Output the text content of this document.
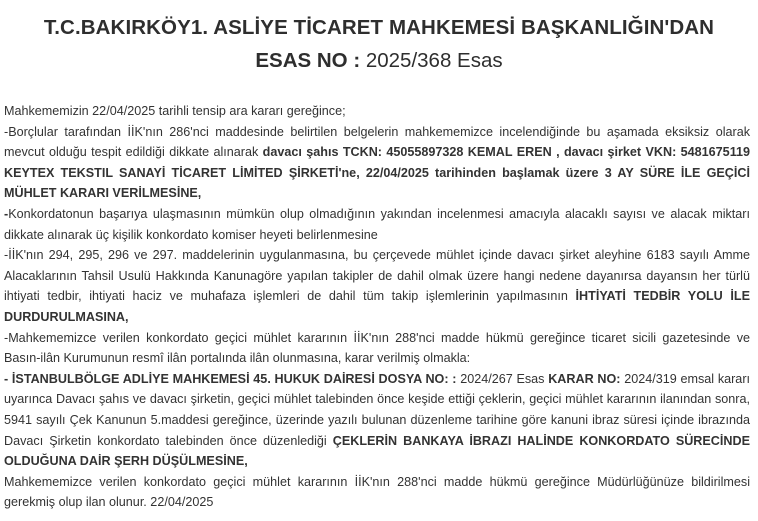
T.C.BAKIRKÖY1. ASLİYE TİCARET MAHKEMESİ BAŞKANLIĞIN'DAN
ESAS NO : 2025/368 Esas

Mahkememizin 22/04/2025 tarihli tensip ara kararı gereğince;

-Borçlular tarafından İİK'nın 286'nci maddesinde belirtilen belgelerin mahkememizce incelendiğinde bu aşamada eksiksiz olarak mevcut olduğu tespit edildiği dikkate alınarak davacı şahıs TCKN: 45055897328 KEMAL EREN , davacı şirket VKN: 5481675119 KEYTEX TEKSTIL SANAYİ TİCARET LİMİTED ŞİRKETİ'ne, 22/04/2025 tarihinden başlamak üzere 3 AY SÜRE İLE GEÇİCİ MÜHLET KARARI VERİLMESİNE,

-Konkordatonun başarıya ulaşmasının mümkün olup olmadığının yakından incelenmesi amacıyla alacaklı sayısı ve alacak miktarı dikkate alınarak üç kişilik konkordato komiser heyeti belirlenmesine

-İİK'nın 294, 295, 296 ve 297. maddelerinin uygulanmasına, bu çerçevede mühlet içinde davacı şirket aleyhine 6183 sayılı Amme Alacaklarının Tahsil Usulü Hakkında Kanunagöre yapılan takipler de dahil olmak üzere hangi nedene dayanırsa dayansın her türlü ihtiyati tedbir, ihtiyati haciz ve muhafaza işlemleri de dahil tüm takip işlemlerinin yapılmasının İHTİYATİ TEDBİR YOLU İLE DURDURULMASINA,

-Mahkememizce verilen konkordato geçici mühlet kararının İİK'nın 288'nci madde hükmü gereğince ticaret sicili gazetesinde ve Basın-ilân Kurumunun resmî ilân portalında ilân olunmasına, karar verilmiş olmakla:

- İSTANBULBÖLGE ADLİYE MAHKEMESİ 45. HUKUK DAİRESİ DOSYA NO: : 2024/267 Esas KARAR NO: 2024/319 emsal kararı uyarınca Davacı şahıs ve davacı şirketin, geçici mühlet talebinden önce keşide ettiği çeklerin, geçici mühlet kararının ilanından sonra, 5941 sayılı Çek Kanunun 5.maddesi gereğince, üzerinde yazılı bulunan düzenleme tarihine göre kanuni ibraz süresi içinde ibrazında Davacı Şirketin konkordato talebinden önce düzenlediği ÇEKLERİN BANKAYA İBRAZI HALİNDE KONKORDATO SÜRECİNDE OLDUĞUNA DAİR ŞERH DÜŞÜLMESİNE,

Mahkememizce verilen konkordato geçici mühlet kararının İİK'nın 288'nci madde hükmü gereğince Müdürlüğünüze bildirilmesi gerekmiş olup ilan olunur. 22/04/2025
